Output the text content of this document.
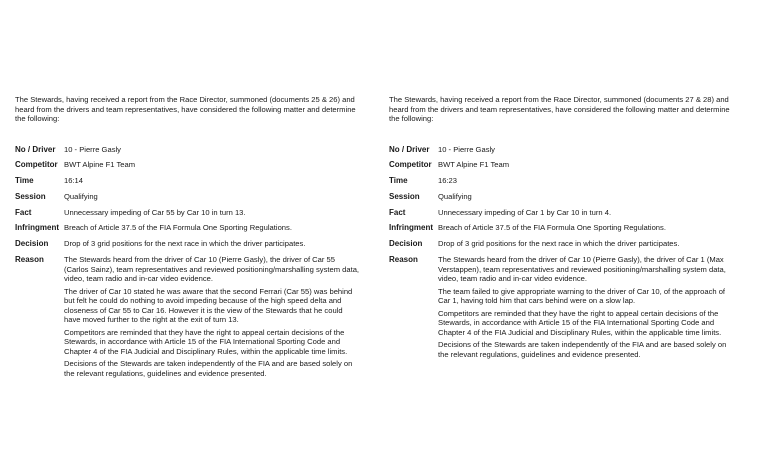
The Stewards, having received a report from the Race Director, summoned (documents 25 & 26) and heard from the drivers and team representatives, have considered the following matter and determine the following:

No / Driver	10 - Pierre Gasly
Competitor BWT Alpine F1 Team
Time	16:14
Session	Qualifying
Fact	Unnecessary impeding of Car 55 by Car 10 in turn 13.
Infringment Breach of Article 37.5 of the FIA Formula One Sporting Regulations.
Decision	Drop of 3 grid positions for the next race in which the driver participates.
Reason	The Stewards heard from the driver of Car 10 (Pierre Gasly), the driver of Car 55 (Carlos Sainz), team representatives and reviewed positioning/marshalling system data, video, team radio and in-car video evidence.

The driver of Car 10 stated he was aware that the second Ferrari (Car 55) was behind but felt he could do nothing to avoid impeding because of the high speed delta and closeness of Car 55 to Car 16. However it is the view of the Stewards that he could have moved further to the right at the exit of turn 13.

Competitors are reminded that they have the right to appeal certain decisions of the Stewards, in accordance with Article 15 of the FIA International Sporting Code and Chapter 4 of the FIA Judicial and Disciplinary Rules, within the applicable time limits.

Decisions of the Stewards are taken independently of the FIA and are based solely on the relevant regulations, guidelines and evidence presented.

The Stewards, having received a report from the Race Director, summoned (documents 27 & 28) and heard from the drivers and team representatives, have considered the following matter and determine the following:

No / Driver	10 - Pierre Gasly
Competitor BWT Alpine F1 Team
Time	16:23
Session	Qualifying
Fact	Unnecessary impeding of Car 1 by Car 10 in turn 4.
Infringment Breach of Article 37.5 of the FIA Formula One Sporting Regulations.
Decision	Drop of 3 grid positions for the next race in which the driver participates.
Reason	The Stewards heard from the driver of Car 10 (Pierre Gasly), the driver of Car 1 (Max Verstappen), team representatives and reviewed positioning/marshalling system data, video, team radio and in-car video evidence.

The team failed to give appropriate warning to the driver of Car 10, of the approach of Car 1, having told him that cars behind were on a slow lap.

Competitors are reminded that they have the right to appeal certain decisions of the Stewards, in accordance with Article 15 of the FIA International Sporting Code and Chapter 4 of the FIA Judicial and Disciplinary Rules, within the applicable time limits.

Decisions of the Stewards are taken independently of the FIA and are based solely on the relevant regulations, guidelines and evidence presented.
